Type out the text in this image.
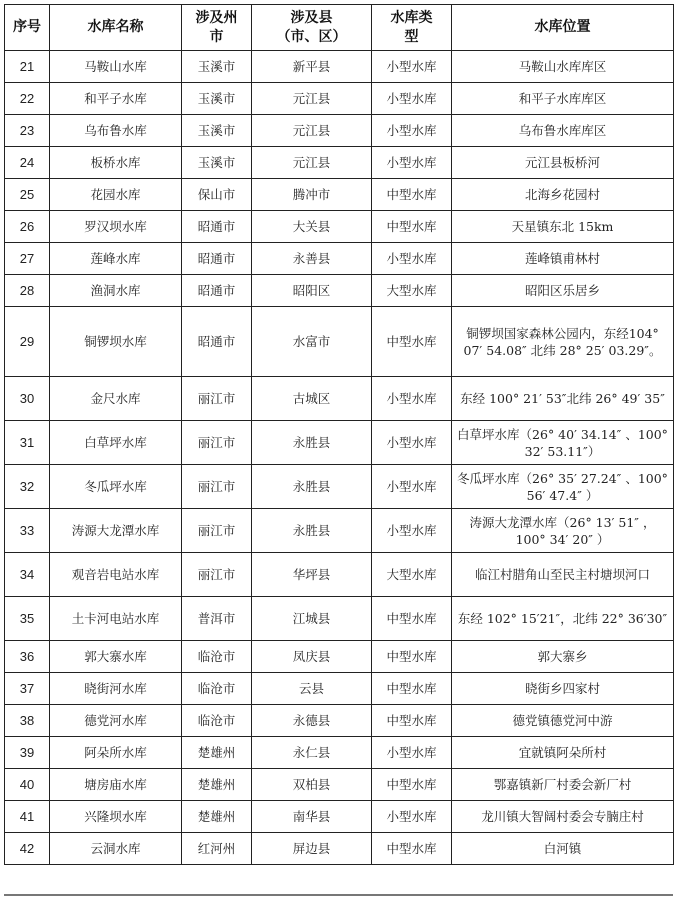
序号	水库名称	涉及州市	涉及县（市、区）	水库类型	水库位置
21	马鞍山水库	玉溪市	新平县	小型水库	马鞍山水库库区
22	和平子水库	玉溪市	元江县	小型水库	和平子水库库区
23	乌布鲁水库	玉溪市	元江县	小型水库	乌布鲁水库库区
24	板桥水库	玉溪市	元江县	小型水库	元江县板桥河
25	花园水库	保山市	腾冲市	中型水库	北海乡花园村
26	罗汉坝水库	昭通市	大关县	中型水库	天星镇东北 15km
27	莲峰水库	昭通市	永善县	小型水库	莲峰镇甫林村
28	渔洞水库	昭通市	昭阳区	大型水库	昭阳区乐居乡
29	铜锣坝水库	昭通市	水富市	中型水库	铜锣坝国家森林公园内，东经104° 07′ 54.08″ 北纬 28° 25′ 03.29″。
30	金尺水库	丽江市	古城区	小型水库	东经 100° 21′ 53″北纬 26° 49′ 35″
31	白草坪水库	丽江市	永胜县	小型水库	白草坪水库（26° 40′ 34.14″ 、100° 32′ 53.11″）
32	冬瓜坪水库	丽江市	永胜县	小型水库	冬瓜坪水库（26° 35′ 27.24″ 、100° 56′ 47.4″ ）
33	涛源大龙潭水库	丽江市	永胜县	小型水库	涛源大龙潭水库（26° 13′ 51″ ，100° 34′ 20″ ）
34	观音岩电站水库	丽江市	华坪县	大型水库	临江村腊角山至民主村塘坝河口
35	土卡河电站水库	普洱市	江城县	中型水库	东经 102° 15′21″，北纬 22° 36′30″
36	郭大寨水库	临沧市	凤庆县	中型水库	郭大寨乡
37	晓街河水库	临沧市	云县	中型水库	晓街乡四家村
38	德党河水库	临沧市	永德县	中型水库	德党镇德党河中游
39	阿朵所水库	楚雄州	永仁县	小型水库	宜就镇阿朵所村
40	塘房庙水库	楚雄州	双柏县	中型水库	鄂嘉镇新厂村委会新厂村
41	兴隆坝水库	楚雄州	南华县	小型水库	龙川镇大智阔村委会专腩庄村
42	云洞水库	红河州	屏边县	中型水库	白河镇
